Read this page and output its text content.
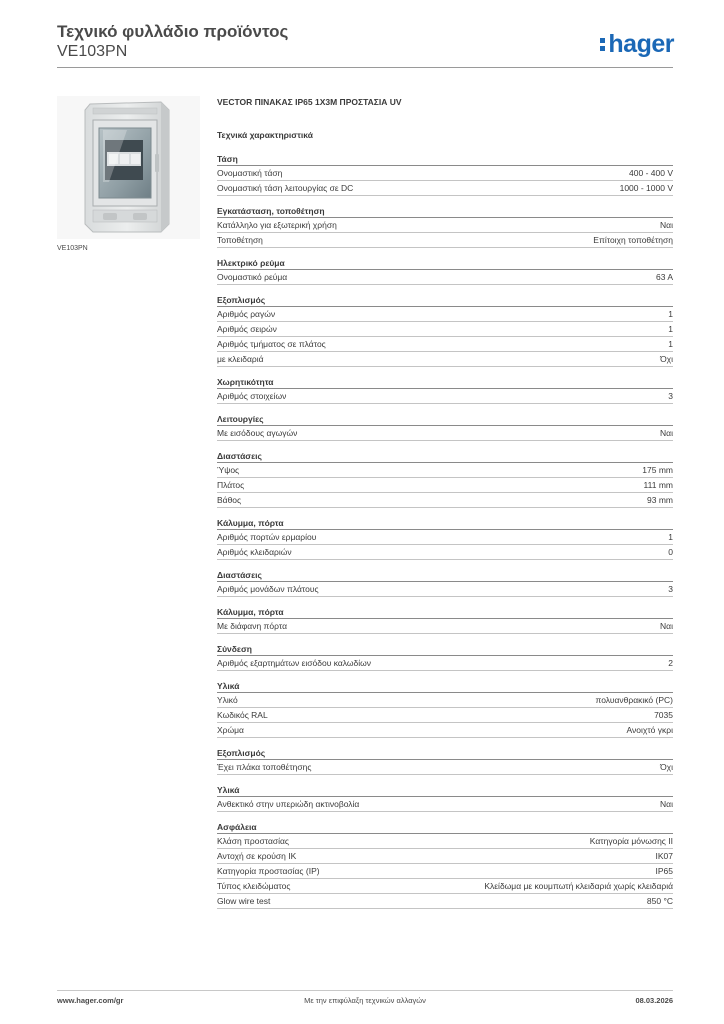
Τεχνικό φυλλάδιο προϊόντος
VE103PN	hager
VE103PN
VECTOR ΠΙΝΑΚΑΣ IP65 1X3M ΠΡΟΣΤΑΣΙΑ UV
Τεχνικά χαρακτηριστικά
Τάση
Ονομαστική τάση	400 - 400 V
Ονομαστική τάση λειτουργίας σε DC	1000 - 1000 V
Εγκατάσταση, τοποθέτηση
Κατάλληλο για εξωτερική χρήση	Ναι
Τοποθέτηση	Επίτοιχη τοποθέτηση
Ηλεκτρικό ρεύμα
Ονομαστικό ρεύμα	63 A
Εξοπλισμός
Αριθμός ραγών	1
Αριθμός σειρών	1
Αριθμός τμήματος σε πλάτος	1
με κλειδαριά	Όχι
Χωρητικότητα
Αριθμός στοιχείων	3
Λειτουργίες
Με εισόδους αγωγών	Ναι
Διαστάσεις
Ύψος	175 mm
Πλάτος	111 mm
Βάθος	93 mm
Κάλυμμα, πόρτα
Αριθμός πορτών ερμαρίου	1
Αριθμός κλειδαριών	0
Διαστάσεις
Αριθμός μονάδων πλάτους	3
Κάλυμμα, πόρτα
Με διάφανη πόρτα	Ναι
Σύνδεση
Αριθμός εξαρτημάτων εισόδου καλωδίων	2
Υλικά
Υλικό	πολυανθρακικό (PC)
Κωδικός RAL	7035
Χρώμα	Ανοιχτό γκρι
Εξοπλισμός
Έχει πλάκα τοποθέτησης	Όχι
Υλικά
Ανθεκτικό στην υπεριώδη ακτινοβολία	Ναι
Ασφάλεια
Κλάση προστασίας	Κατηγορία μόνωσης II
Αντοχή σε κρούση IK	IK07
Κατηγορία προστασίας (IP)	IP65
Τύπος κλειδώματος	Κλείδωμα με κουμπωτή κλειδαριά χωρίς κλειδαριά
Glow wire test	850 °C
www.hager.com/gr	Με την επιφύλαξη τεχνικών αλλαγών	08.03.2026
